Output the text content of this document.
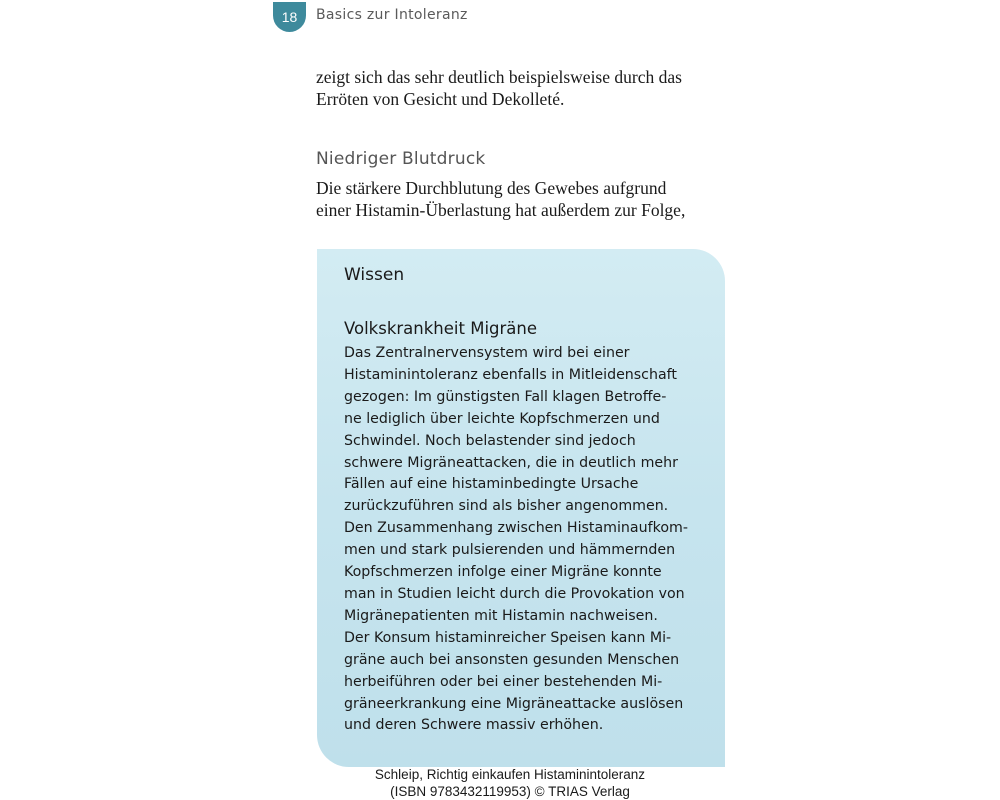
18 Basics zur Intoleranz
zeigt sich das sehr deutlich beispielsweise durch das
Erröten von Gesicht und Dekolleté.
Niedriger Blutdruck
Die stärkere Durchblutung des Gewebes aufgrund
einer Histamin-Überlastung hat außerdem zur Folge,
Wissen
Volkskrankheit Migräne
Das Zentralnervensystem wird bei einer
Histaminintoleranz ebenfalls in Mitleidenschaft
gezogen: Im günstigsten Fall klagen Betroffe-
ne lediglich über leichte Kopfschmerzen und
Schwindel. Noch belastender sind jedoch
schwere Migräneattacken, die in deutlich mehr
Fällen auf eine histaminbedingte Ursache
zurückzuführen sind als bisher angenommen.
Den Zusammenhang zwischen Histaminaufkom-
men und stark pulsierenden und hämmernden
Kopfschmerzen infolge einer Migräne konnte
man in Studien leicht durch die Provokation von
Migränepatienten mit Histamin nachweisen.
Der Konsum histaminreicher Speisen kann Mi-
gräne auch bei ansonsten gesunden Menschen
herbeiführen oder bei einer bestehenden Mi-
gräneerkrankung eine Migräneattacke auslösen
und deren Schwere massiv erhöhen.
Schleip, Richtig einkaufen Histaminintoleranz
(ISBN 9783432119953) © TRIAS Verlag
